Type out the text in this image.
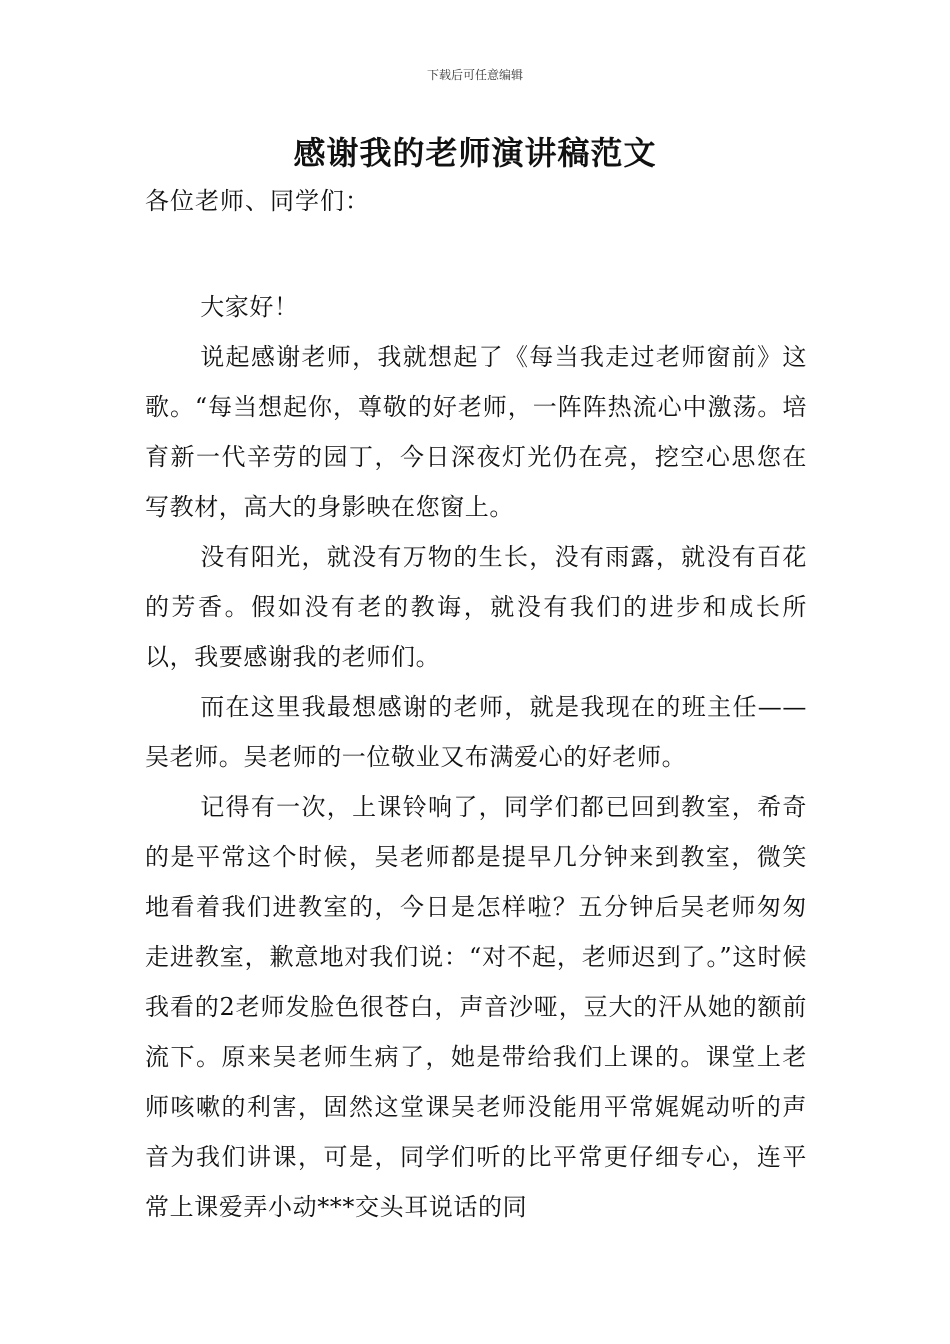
下载后可任意编辑
感谢我的老师演讲稿范文
各位老师、同学们：

大家好！

说起感谢老师，我就想起了《每当我走过老师窗前》这歌。“每当想起你，尊敬的好老师，一阵阵热流心中激荡。培育新一代辛劳的园丁，今日深夜灯光仍在亮，挖空心思您在写教材，高大的身影映在您窗上。

没有阳光，就没有万物的生长，没有雨露，就没有百花的芳香。假如没有老的教诲，就没有我们的进步和成长所以，我要感谢我的老师们。

而在这里我最想感谢的老师，就是我现在的班主任——吴老师。吴老师的一位敬业又布满爱心的好老师。

记得有一次，上课铃响了，同学们都已回到教室，希奇的是平常这个时候，吴老师都是提早几分钟来到教室，微笑地看着我们进教室的，今日是怎样啦？五分钟后吴老师匆匆走进教室，歉意地对我们说：“对不起，老师迟到了。”这时候我看的2老师发脸色很苍白，声音沙哑，豆大的汗从她的额前流下。原来吴老师生病了，她是带给我们上课的。课堂上老师咳嗽的利害，固然这堂课吴老师没能用平常娓娓动听的声音为我们讲课，可是，同学们听的比平常更仔细专心，连平常上课爱弄小动***交头耳说话的同
